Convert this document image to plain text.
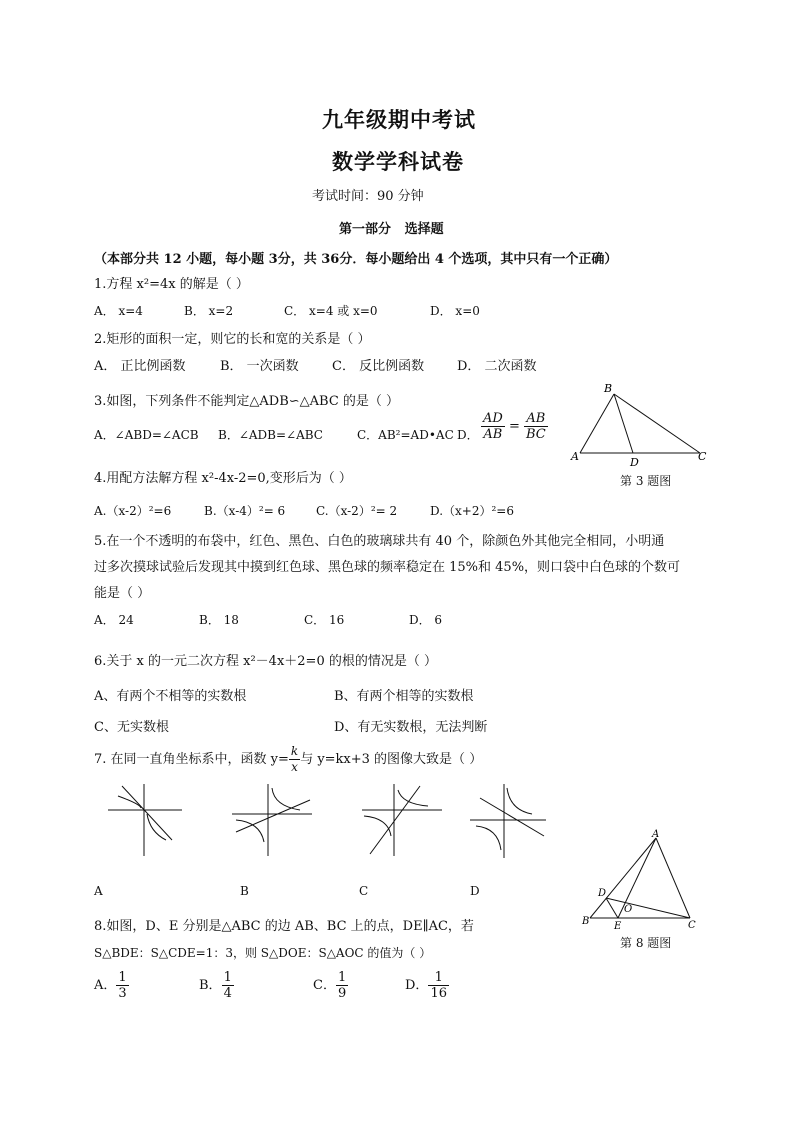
九年级期中考试
数学学科试卷
考试时间：90 分钟
第一部分   选择题
（本部分共 12 小题，每小题 3分，共 36分．每小题给出 4 个选项，其中只有一个正确）
1.方程 x²=4x 的解是（ ）
A． x=4	B． x=2	C． x=4 或 x=0	D． x=0
2.矩形的面积一定，则它的长和宽的关系是（ ）
A． 正比例函数	B． 一次函数	C． 反比例函数	D． 二次函数
3.如图，下列条件不能判定△ADB∽△ABC 的是（ ）
A．∠ABD=∠ACB B．∠ADB=∠ABC	C．AB²=AD•AC D． $\frac{AD}{AB} = \frac{AB}{BC}$
B
A	D	C
第 3 题图
4.用配方法解方程 x²-4x-2=0,变形后为（ ）
A.（x-2）²=6	B.（x-4）²= 6	C.（x-2）²= 2	D.（x+2）²=6
5.在一个不透明的布袋中，红色、黑色、白色的玻璃球共有 40 个，除颜色外其他完全相同，小明通
过多次摸球试验后发现其中摸到红色球、黑色球的频率稳定在 15%和 45%，则口袋中白色球的个数可
能是（ ）
A． 24	B． 18	C． 16	D． 6
6.关于 x 的一元二次方程 x²－4x＋2=0 的根的情况是（ ）
A、有两个不相等的实数根	B、有两个相等的实数根
C、无实数根	D、有无实数根，无法判断
7. 在同一直角坐标系中，函数 $y= \frac{k}{x}$ 与 y=kx+3 的图像大致是（ ）
A	B	C	D
8.如图，D、E 分别是△ABC 的边 AB、BC 上的点，DE∥AC，若
S△BDE：S△CDE=1：3，则 S△DOE：S△AOC 的值为（ ）
A． $\frac{1}{3}$	B． $\frac{1}{4}$	C． $\frac{1}{9}$	D． $\frac{1}{16}$
A
D
O
B E	C
第 8 题图
